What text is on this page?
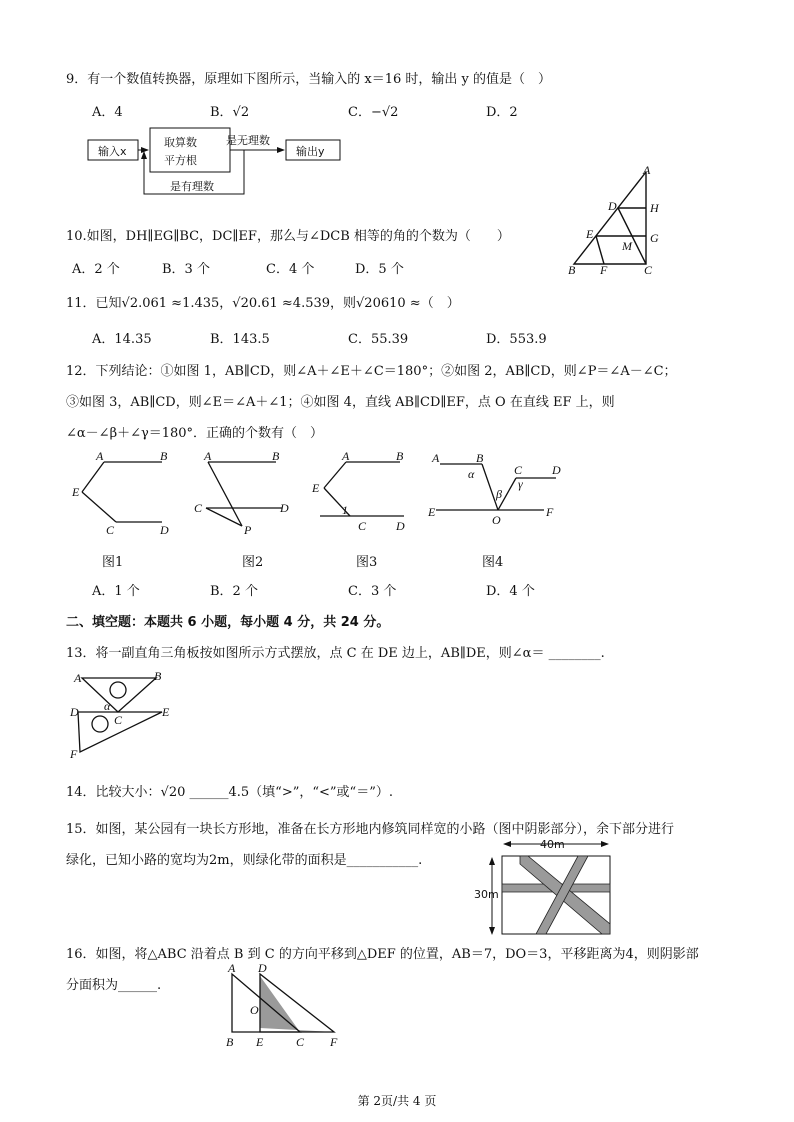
9．有一个数值转换器，原理如下图所示，当输入的 x＝16 时，输出 y 的值是（　）
A．4	B．√2	C．−√2	D．2
输入x
取算数
平方根
是无理数
输出y
是有理数
10.如图，DH∥EG∥BC，DC∥EF，那么与∠DCB 相等的角的个数为（　　）
A．2 个	B．3 个	C．4 个	D．5 个
A
D	H
E	G
M
B F	C
11．已知√2.061 ≈1.435，√20.61 ≈4.539，则√20610 ≈（　）
A．14.35	B．143.5	C．55.39	D．553.9
12．下列结论：①如图 1，AB∥CD，则∠A＋∠E＋∠C＝180°；②如图 2，AB∥CD，则∠P＝∠A－∠C；
③如图 3，AB∥CD，则∠E＝∠A＋∠1；④如图 4，直线 AB∥CD∥EF，点 O 在直线 EF 上，则
∠α－∠β＋∠γ＝180°．正确的个数有（　）
A	B
E
C	D
A	B
C	D
P
A	B
E
1
C D
A	B
α	C D
γ
β
E
O
F
图1	图2	图3	图4
A．1 个	B．2 个	C．3 个	D．4 个
二、填空题：本题共 6 小题，每小题 4 分，共 24 分。
13．将一副直角三角板按如图所示方式摆放，点 C 在 DE 边上，AB∥DE，则∠α＝ ________.
A	B
α
D
C
E
F
14．比较大小：√20 ______4.5（填“>”，“<”或“＝”）.
15．如图，某公园有一块长方形地，准备在长方形地内修筑同样宽的小路（图中阴影部分），余下部分进行
绿化，已知小路的宽均为2m，则绿化带的面积是___________.
40m
30m
16．如图，将△ABC 沿着点 B 到 C 的方向平移到△DEF 的位置，AB＝7，DO＝3，平移距离为4，则阴影部
分面积为______.
A D
O
B E	C F
第 2页/共 4 页
